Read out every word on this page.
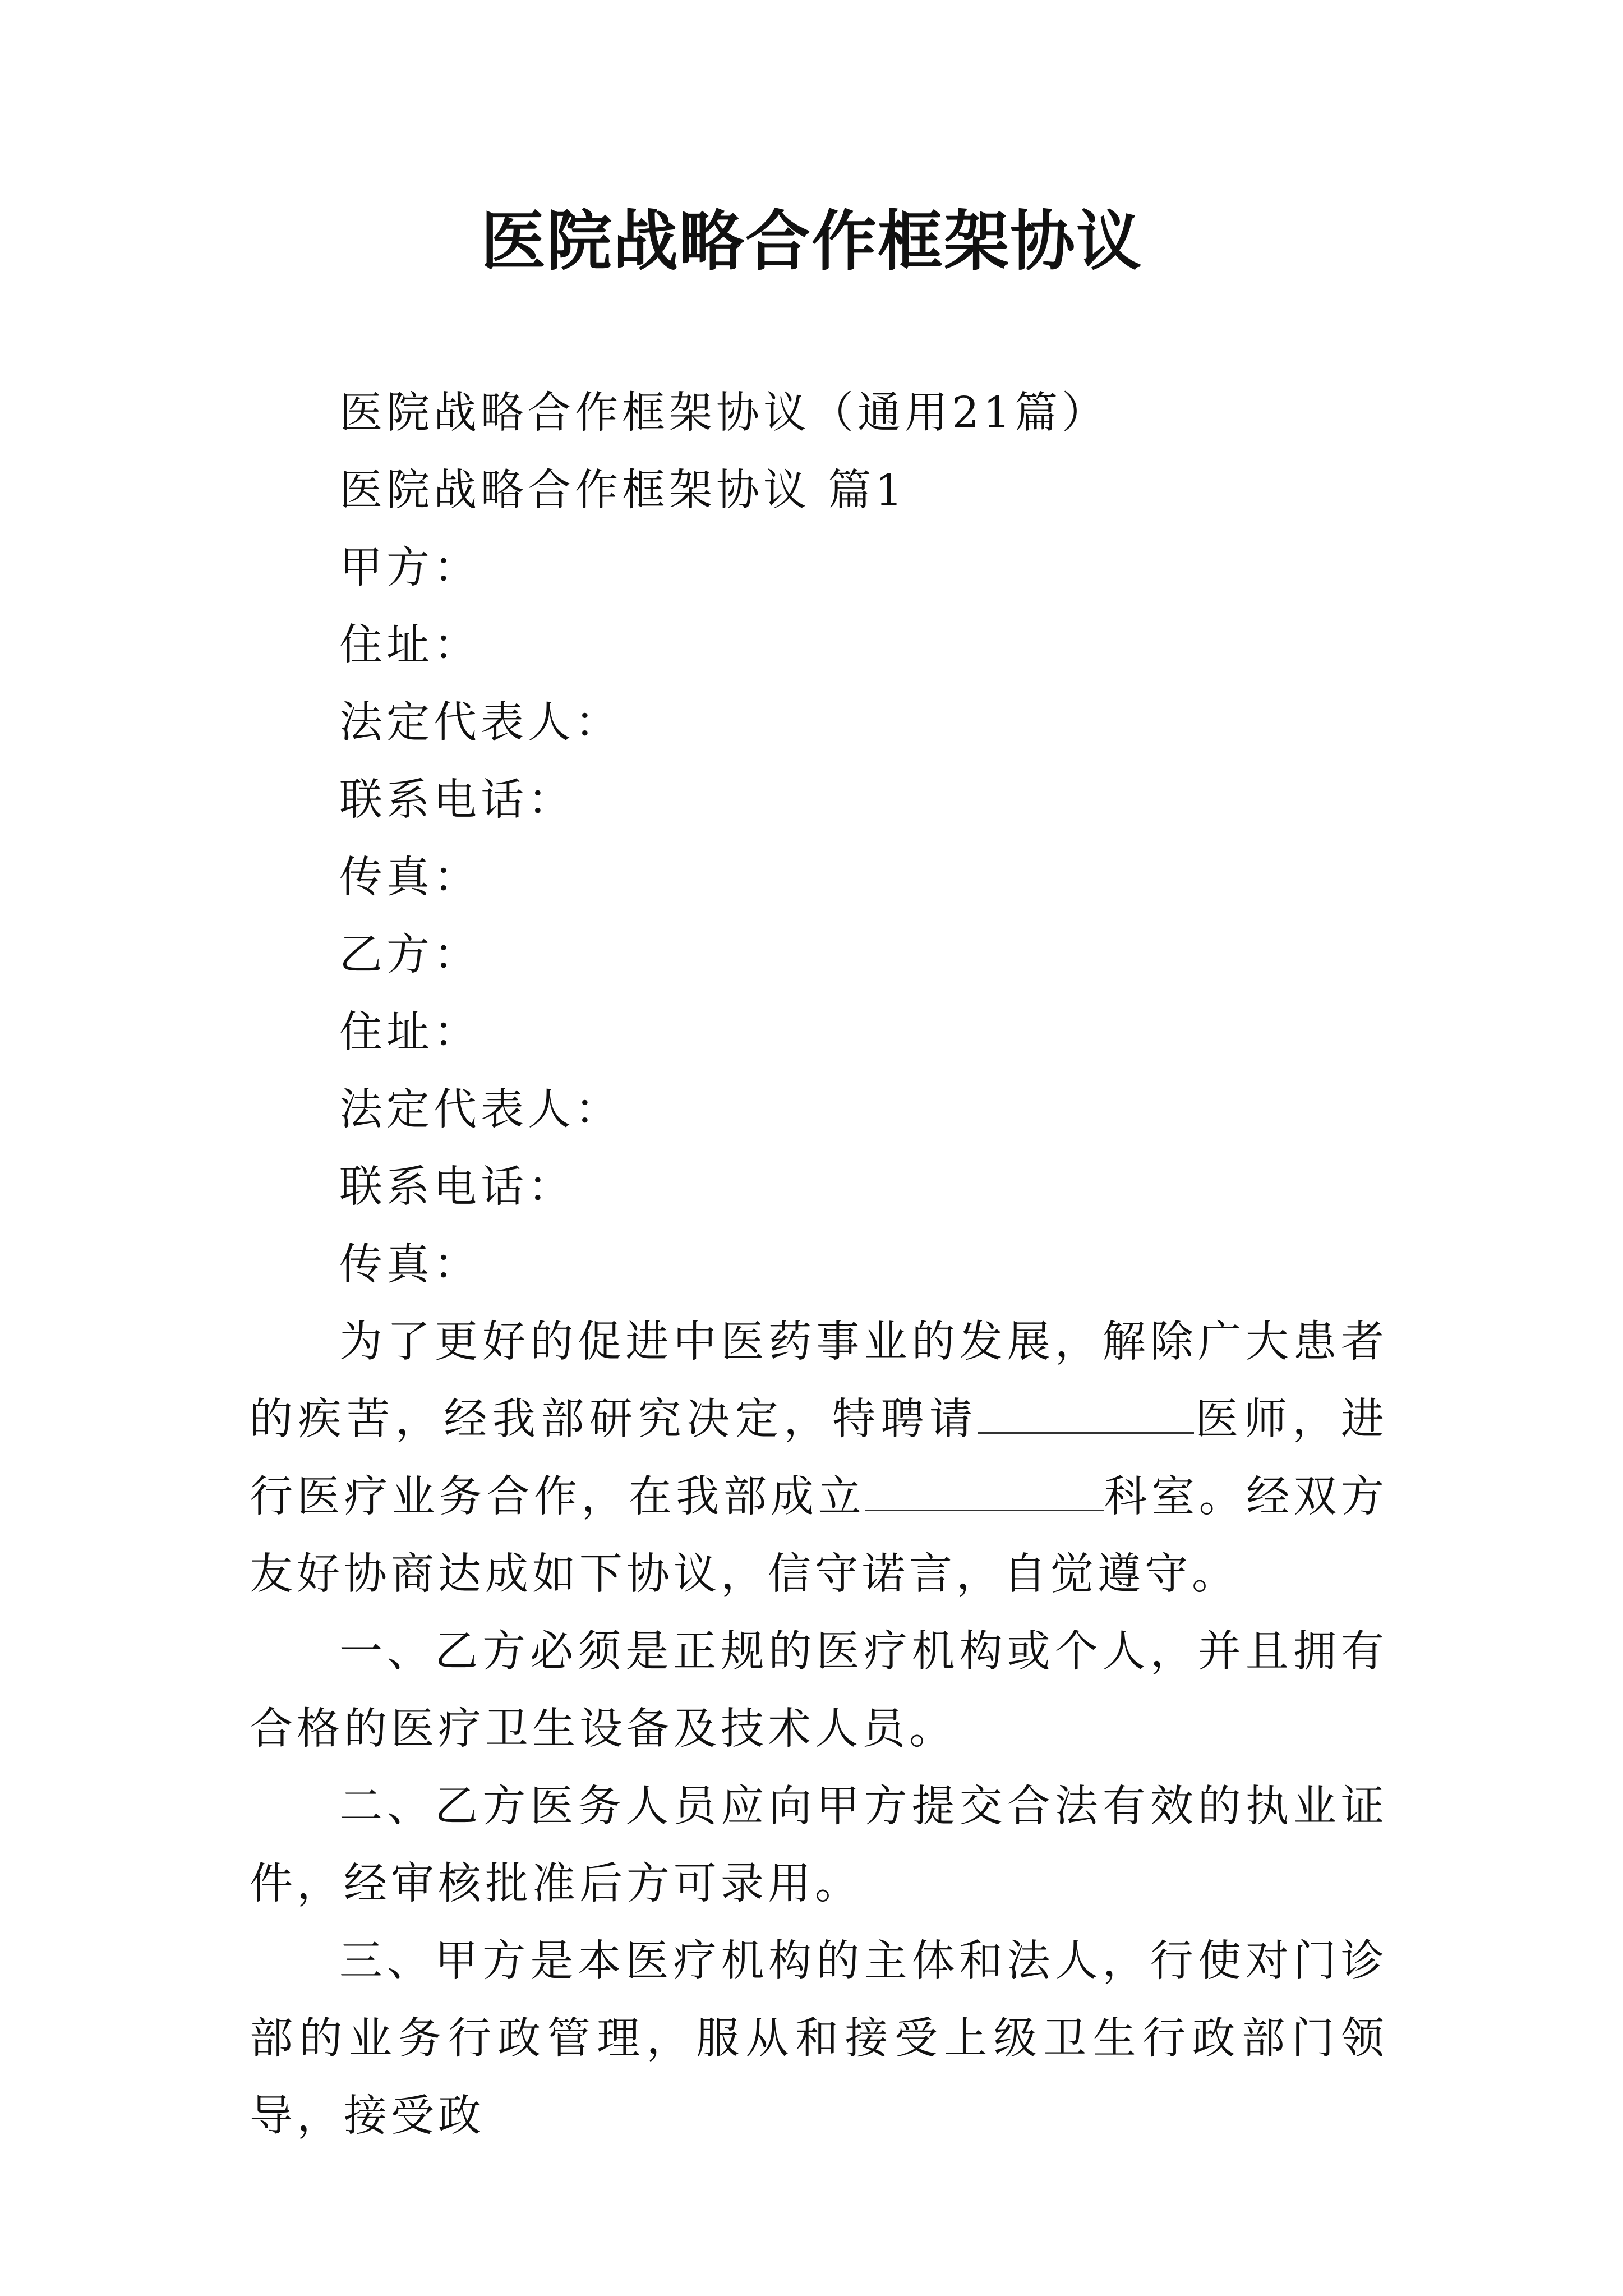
医院战略合作框架协议

医院战略合作框架协议（通用21篇）

医院战略合作框架协议 篇1

甲方：

住址：

法定代表人：

联系电话：

传真：

乙方：

住址：

法定代表人：

联系电话：

传真：

为了更好的促进中医药事业的发展，解除广大患者的疾苦，经我部研究决定，特聘请	医师，进行医疗业务合作，在我部成立	科室。经双方友好协商达成如下协议，信守诺言，自觉遵守。

一、乙方必须是正规的医疗机构或个人，并且拥有合格的医疗卫生设备及技术人员。

二、乙方医务人员应向甲方提交合法有效的执业证件，经审核批准后方可录用。

三、甲方是本医疗机构的主体和法人，行使对门诊部的业务行政管理，服从和接受上级卫生行政部门领导，接受政
